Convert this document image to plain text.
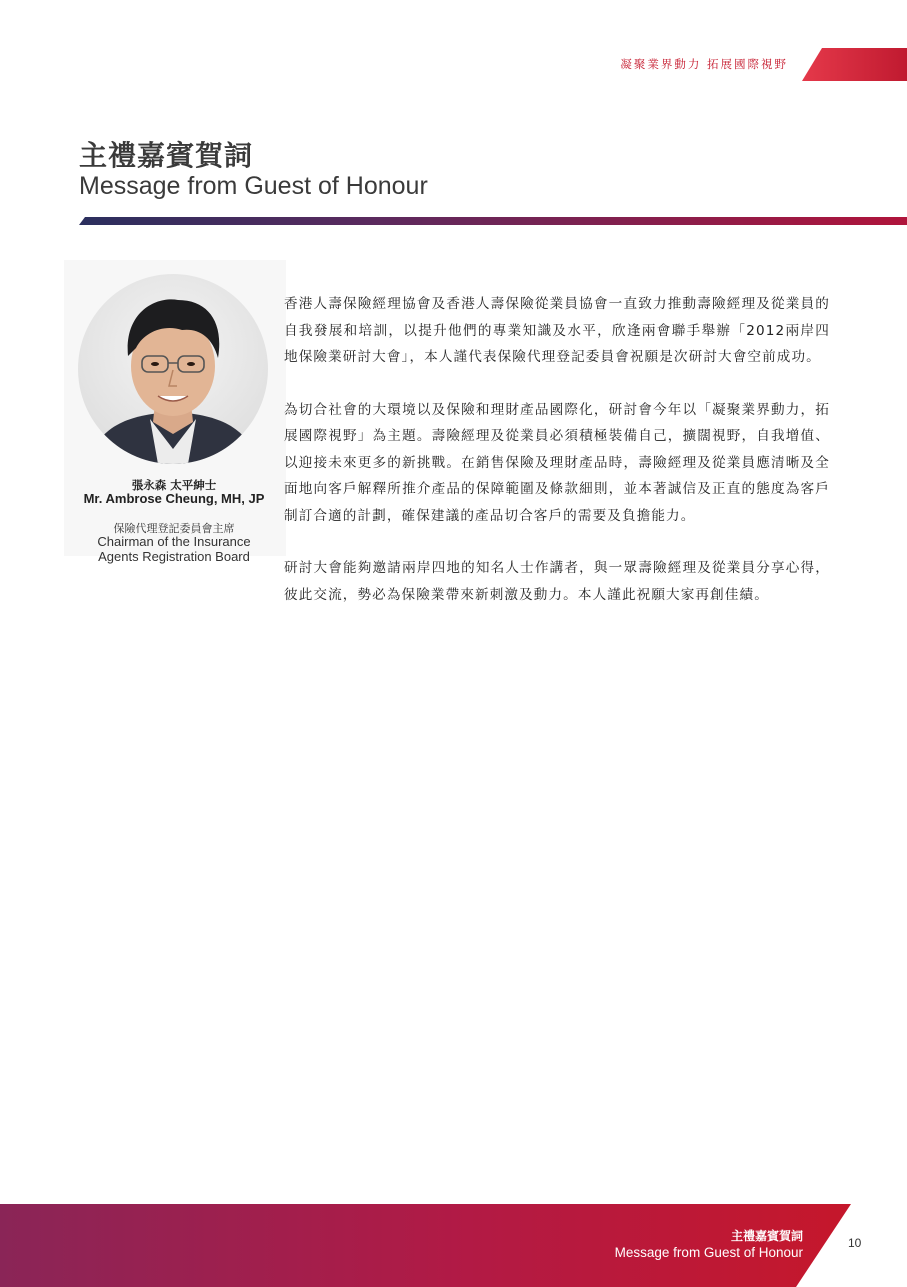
凝聚業界動力 拓展國際視野
主禮嘉賓賀詞
Message from Guest of Honour
張永森 太平紳士
Mr. Ambrose Cheung, MH, JP
保險代理登記委員會主席
Chairman of the Insurance
Agents Registration Board

香港人壽保險經理協會及香港人壽保險從業員協會一直致力推動壽險經理及從業員的自我發展和培訓，以提升他們的專業知識及水平，欣逢兩會聯手舉辦「2012兩岸四地保險業研討大會」，本人謹代表保險代理登記委員會祝願是次研討大會空前成功。

為切合社會的大環境以及保險和理財產品國際化，研討會今年以「凝聚業界動力，拓展國際視野」為主題。壽險經理及從業員必須積極裝備自己，擴闊視野，自我增值、以迎接未來更多的新挑戰。在銷售保險及理財產品時，壽險經理及從業員應清晰及全面地向客戶解釋所推介產品的保障範圍及條款細則，並本著誠信及正直的態度為客戶制訂合適的計劃，確保建議的產品切合客戶的需要及負擔能力。

研討大會能夠邀請兩岸四地的知名人士作講者，與一眾壽險經理及從業員分享心得，彼此交流，勢必為保險業帶來新刺激及動力。本人謹此祝願大家再創佳績。

主禮嘉賓賀詞
Message from Guest of Honour
10
